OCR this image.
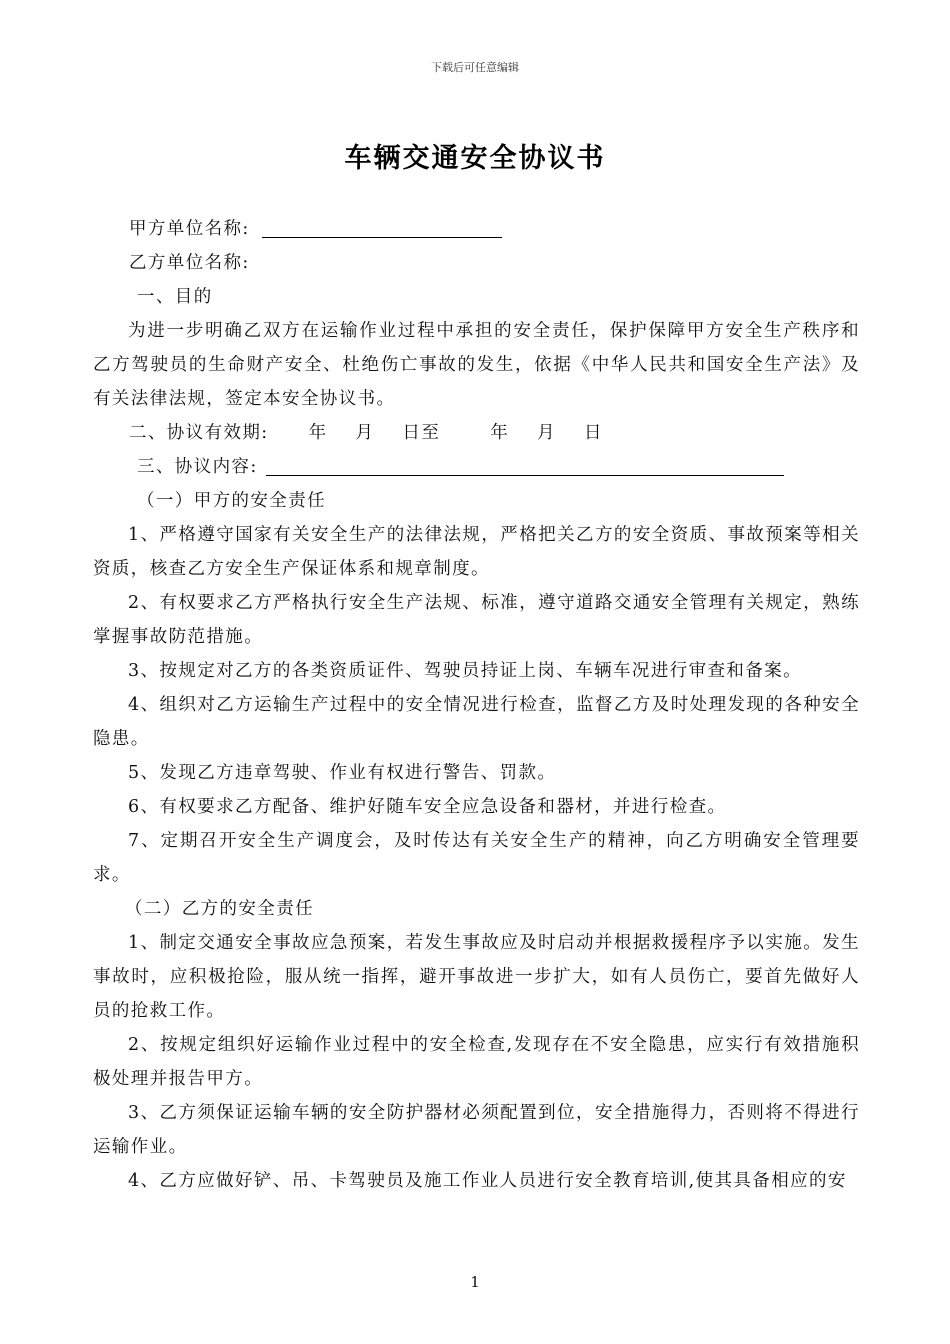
下载后可任意编辑
车辆交通安全协议书

甲方单位名称:

乙方单位名称:

一、目的

为进一步明确乙双方在运输作业过程中承担的安全责任，保护保障甲方安全生产秩序和乙方驾驶员的生命财产安全、杜绝伤亡事故的发生，依据《中华人民共和国安全生产法》及有关法律法规，签定本安全协议书。

二、协议有效期: 年 月 日至	年 月 日

三、协议内容:

（一）甲方的安全责任

1、严格遵守国家有关安全生产的法律法规，严格把关乙方的安全资质、事故预案等相关资质，核查乙方安全生产保证体系和规章制度。

2、有权要求乙方严格执行安全生产法规、标准，遵守道路交通安全管理有关规定，熟练掌握事故防范措施。

3、按规定对乙方的各类资质证件、驾驶员持证上岗、车辆车况进行审查和备案。

4、组织对乙方运输生产过程中的安全情况进行检查，监督乙方及时处理发现的各种安全隐患。

5、发现乙方违章驾驶、作业有权进行警告、罚款。

6、有权要求乙方配备、维护好随车安全应急设备和器材，并进行检查。

7、定期召开安全生产调度会，及时传达有关安全生产的精神，向乙方明确安全管理要求。

（二）乙方的安全责任

1、制定交通安全事故应急预案，若发生事故应及时启动并根据救援程序予以实施。发生事故时，应积极抢险，服从统一指挥，避开事故进一步扩大，如有人员伤亡，要首先做好人员的抢救工作。

2、按规定组织好运输作业过程中的安全检查,发现存在不安全隐患，应实行有效措施积极处理并报告甲方。

3、乙方须保证运输车辆的安全防护器材必须配置到位，安全措施得力，否则将不得进行运输作业。

4、乙方应做好铲、吊、卡驾驶员及施工作业人员进行安全教育培训,使其具备相应的安

1
